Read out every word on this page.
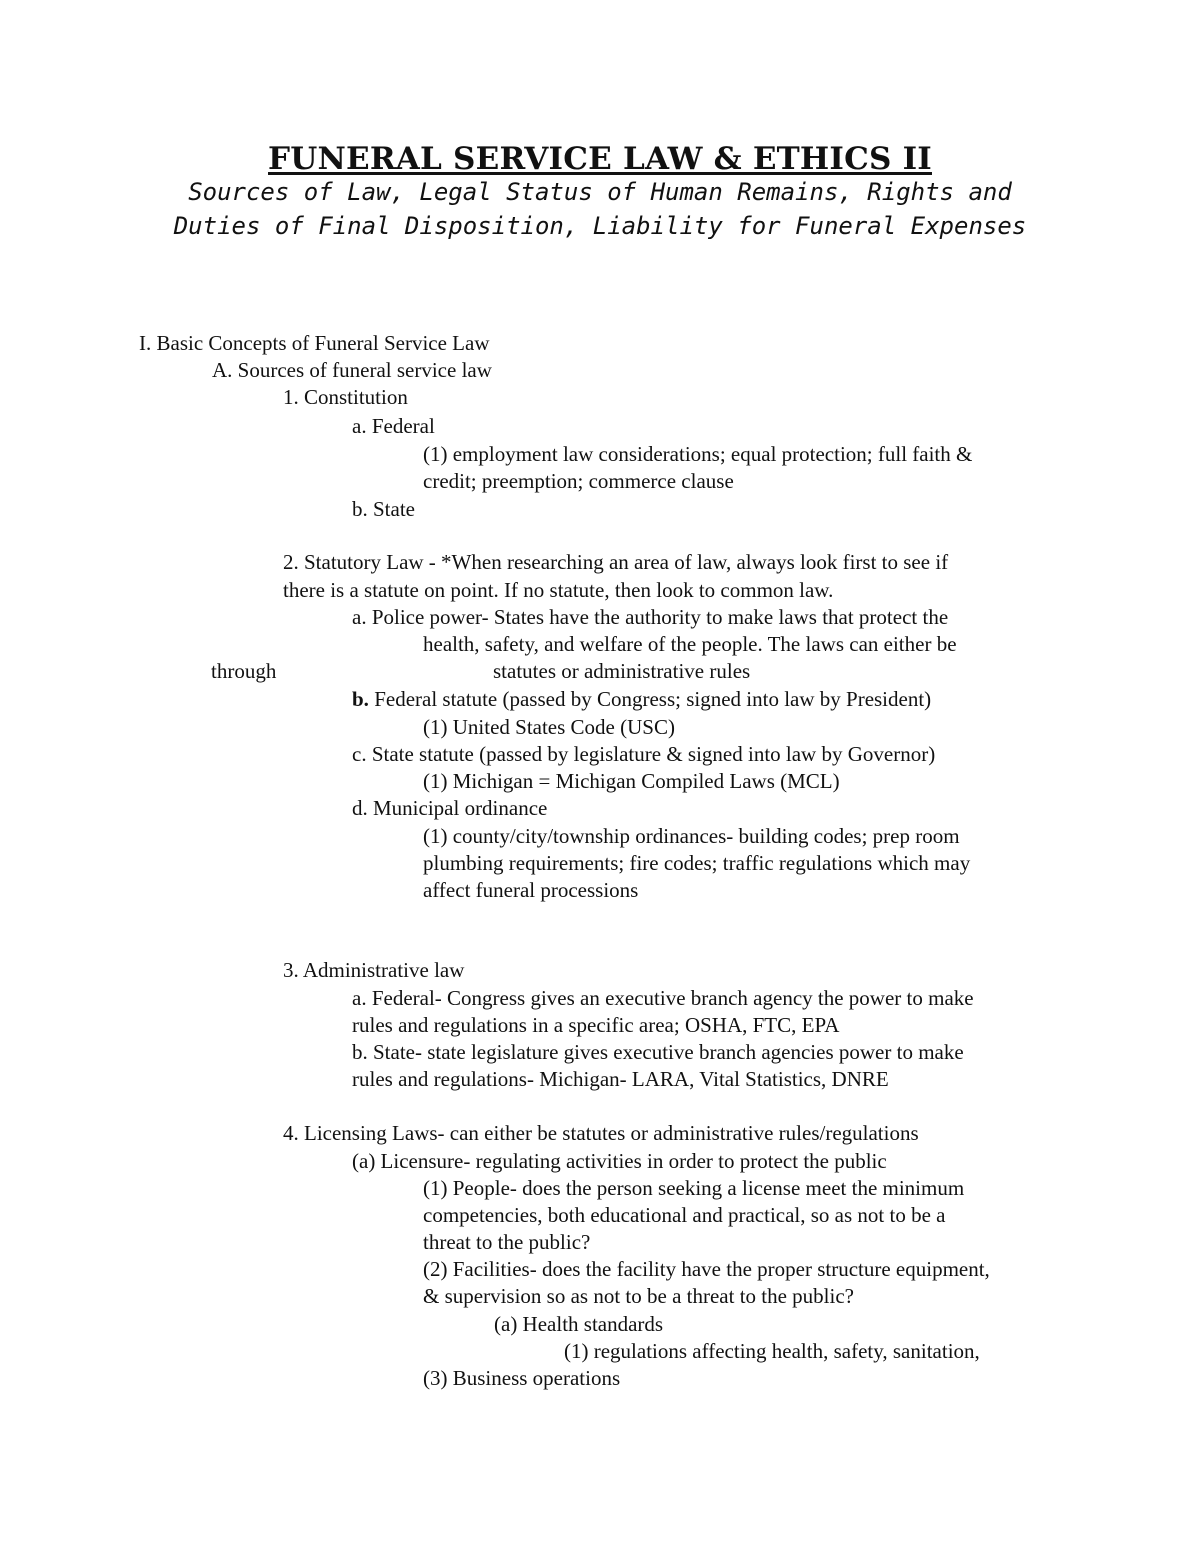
FUNERAL SERVICE LAW & ETHICS II
Sources of Law, Legal Status of Human Remains, Rights and
Duties of Final Disposition, Liability for Funeral Expenses
I. Basic Concepts of Funeral Service Law
A. Sources of funeral service law
1. Constitution
a. Federal
(1) employment law considerations; equal protection; full faith &
credit; preemption; commerce clause
b. State
2. Statutory Law - *When researching an area of law, always look first to see if
there is a statute on point. If no statute, then look to common law.
a. Police power- States have the authority to make laws that protect the
health, safety, and welfare of the people. The laws can either be
through	statutes or administrative rules
b. Federal statute (passed by Congress; signed into law by President)
(1) United States Code (USC)
c. State statute (passed by legislature & signed into law by Governor)
(1) Michigan = Michigan Compiled Laws (MCL)
d. Municipal ordinance
(1) county/city/township ordinances- building codes; prep room
plumbing requirements; fire codes; traffic regulations which may
affect funeral processions
3. Administrative law
a. Federal- Congress gives an executive branch agency the power to make
rules and regulations in a specific area; OSHA, FTC, EPA
b. State- state legislature gives executive branch agencies power to make
rules and regulations- Michigan- LARA, Vital Statistics, DNRE
4. Licensing Laws- can either be statutes or administrative rules/regulations
(a) Licensure- regulating activities in order to protect the public
(1) People- does the person seeking a license meet the minimum
competencies, both educational and practical, so as not to be a
threat to the public?
(2) Facilities- does the facility have the proper structure equipment,
& supervision so as not to be a threat to the public?
(a) Health standards
(1) regulations affecting health, safety, sanitation,
(3) Business operations
